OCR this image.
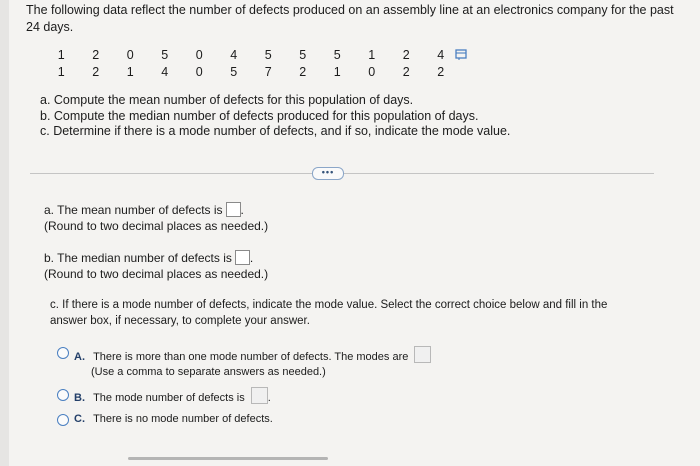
The following data reflect the number of defects produced on an assembly line at an electronics company for the past 24 days.
1	2	0	5	0	4	5	5	5	1	2	4
1	2	1	4	0	5	7	2	1	0	2	2
a. Compute the mean number of defects for this population of days.
b. Compute the median number of defects produced for this population of days.
c. Determine if there is a mode number of defects, and if so, indicate the mode value.
•••
a. The mean number of defects is .
(Round to two decimal places as needed.)
b. The median number of defects is .
(Round to two decimal places as needed.)
c. If there is a mode number of defects, indicate the mode value. Select the correct choice below and fill in the
answer box, if necessary, to complete your answer.
A. There is more than one mode number of defects. The modes are
(Use a comma to separate answers as needed.)
B. The mode number of defects is .
C. There is no mode number of defects.
